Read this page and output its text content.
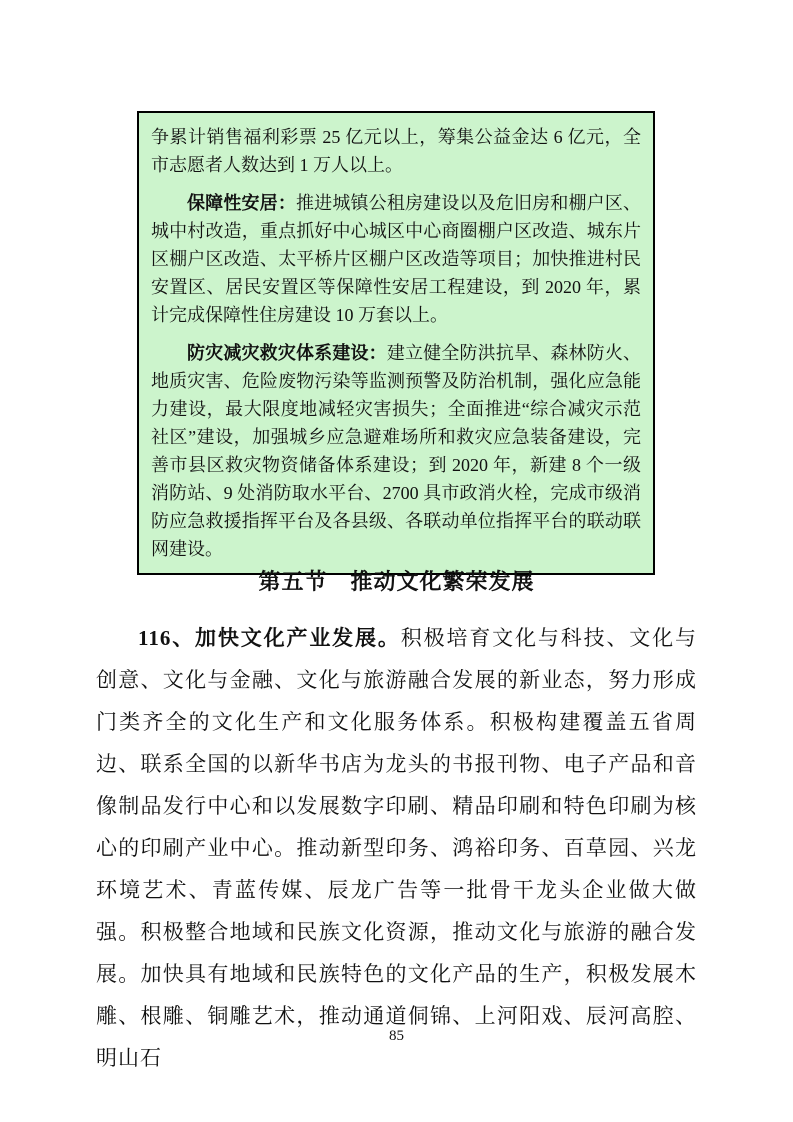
争累计销售福利彩票 25 亿元以上，筹集公益金达 6 亿元，全市志愿者人数达到 1 万人以上。

保障性安居：推进城镇公租房建设以及危旧房和棚户区、城中村改造，重点抓好中心城区中心商圈棚户区改造、城东片区棚户区改造、太平桥片区棚户区改造等项目；加快推进村民安置区、居民安置区等保障性安居工程建设，到 2020 年，累计完成保障性住房建设 10 万套以上。

防灾减灾救灾体系建设：建立健全防洪抗旱、森林防火、地质灾害、危险废物污染等监测预警及防治机制，强化应急能力建设，最大限度地减轻灾害损失；全面推进“综合减灾示范社区”建设，加强城乡应急避难场所和救灾应急装备建设，完善市县区救灾物资储备体系建设；到 2020 年，新建 8 个一级消防站、9 处消防取水平台、2700 具市政消火栓，完成市级消防应急救援指挥平台及各县级、各联动单位指挥平台的联动联网建设。

第五节　推动文化繁荣发展

116、加快文化产业发展。积极培育文化与科技、文化与创意、文化与金融、文化与旅游融合发展的新业态，努力形成门类齐全的文化生产和文化服务体系。积极构建覆盖五省周边、联系全国的以新华书店为龙头的书报刊物、电子产品和音像制品发行中心和以发展数字印刷、精品印刷和特色印刷为核心的印刷产业中心。推动新型印务、鸿裕印务、百草园、兴龙环境艺术、青蓝传媒、辰龙广告等一批骨干龙头企业做大做强。积极整合地域和民族文化资源，推动文化与旅游的融合发展。加快具有地域和民族特色的文化产品的生产，积极发展木雕、根雕、铜雕艺术，推动通道侗锦、上河阳戏、辰河高腔、明山石

85
